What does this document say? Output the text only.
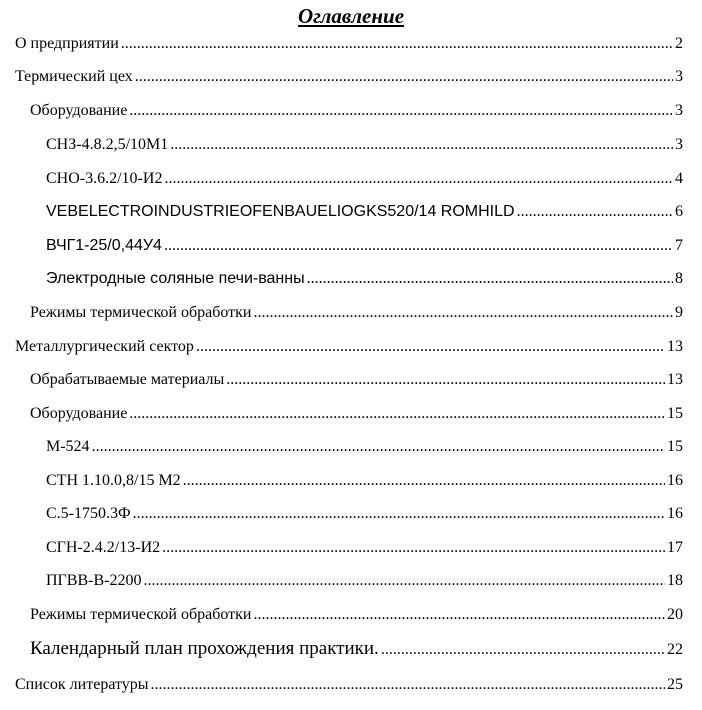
Оглавление
О предприятии .....	2
Термический цех .....	3
Оборудование .....	3
СНЗ-4.8.2,5/10М1 .....	3
СНО-3.6.2/10-И2 .....	4
VEBELECTROINDUSTRIEOFENBAUELIOGKS520/14 ROMHILD .....	6
ВЧГ1-25/0,44У4 .....	7
Электродные соляные печи-ванны .....	8
Режимы термической обработки .....	9
Металлургический сектор .....	13
Обрабатываемые материалы .....	13
Оборудование .....	15
М-524 .....	15
СТН 1.10.0,8/15 М2 .....	16
С.5-1750.3Ф .....	16
СГН-2.4.2/13-И2 .....	17
ПГВВ-В-2200 .....	18
Режимы термической обработки .....	20
Календарный план прохождения практики. .....	22
Список литературы .....	25
